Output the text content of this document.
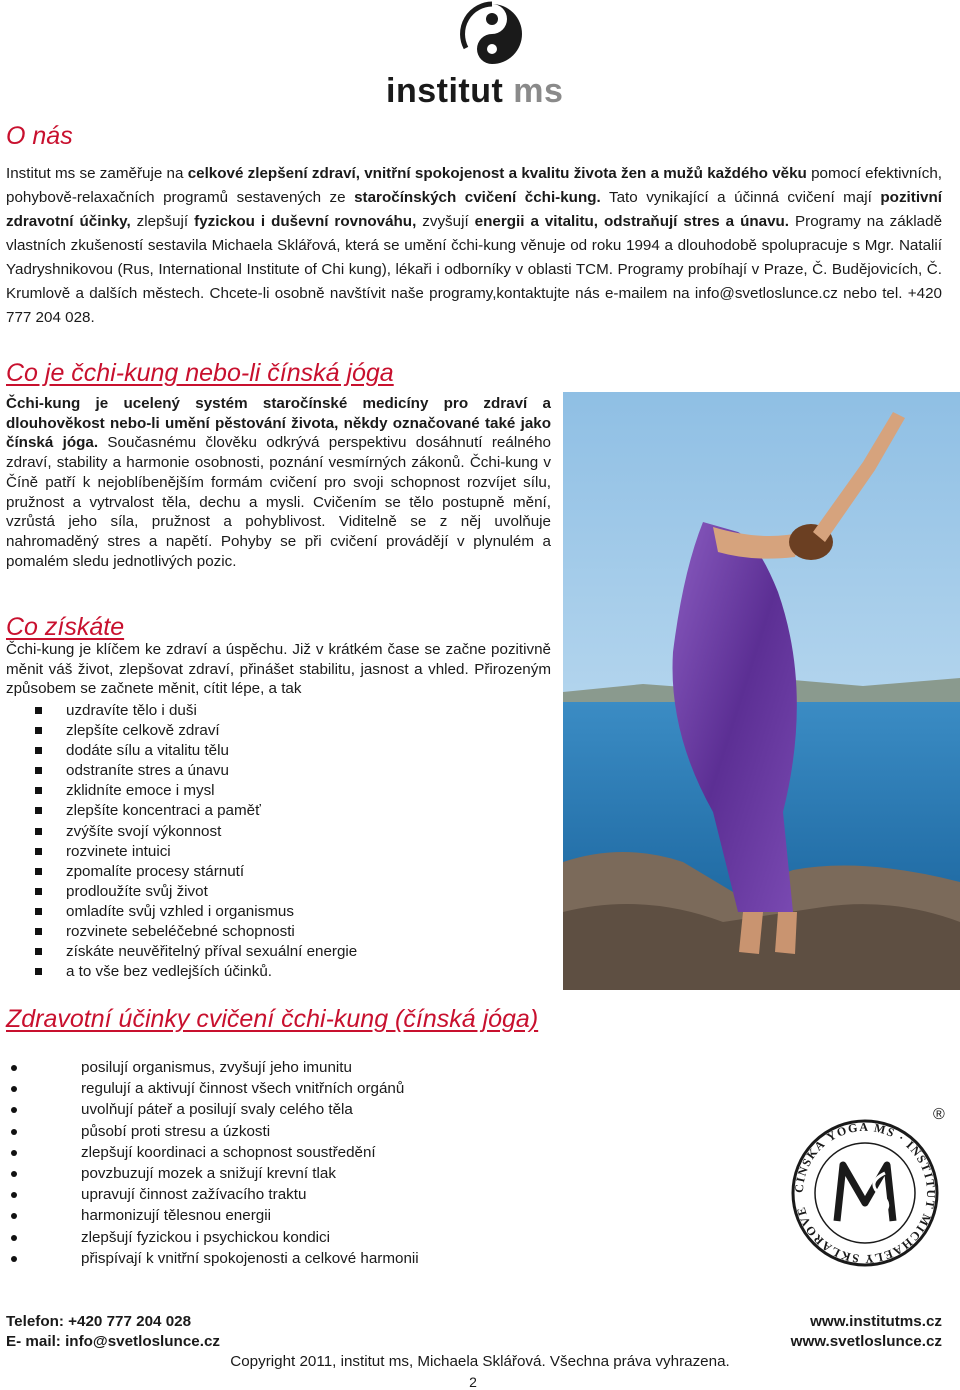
institut ms
O nás
Institut ms se zaměřuje na celkové zlepšení zdraví, vnitřní spokojenost a kvalitu života žen a mužů každého věku pomocí efektivních, pohybově-relaxačních programů sestavených ze staročínských cvičení čchi-kung. Tato vynikající a účinná cvičení mají pozitivní zdravotní účinky, zlepšují fyzickou i duševní rovnováhu, zvyšují energii a vitalitu, odstraňují stres a únavu. Programy na základě vlastních zkušeností sestavila Michaela Sklářová, která se umění čchi-kung věnuje od roku 1994 a dlouhodobě spolupracuje s Mgr. Natalií Yadryshnikovou (Rus, International Institute of Chi kung), lékaři i odborníky v oblasti TCM. Programy probíhají v Praze, Č. Budějovicích, Č. Krumlově a dalších městech. Chcete-li osobně navštívit naše programy,kontaktujte nás e-mailem na info@svetloslunce.cz nebo tel. +420 777 204 028.
Co je čchi-kung nebo-li čínská jóga
Čchi-kung je ucelený systém staročínské medicíny pro zdraví a dlouhověkost nebo-li umění pěstování života, někdy označované také jako čínská jóga. Současnému člověku odkrývá perspektivu dosáhnutí reálného zdraví, stability a harmonie osobnosti, poznání vesmírných zákonů. Čchi-kung v Číně patří k nejoblíbenějším formám cvičení pro svoji schopnost rozvíjet sílu, pružnost a vytrvalost těla, dechu a mysli. Cvičením se tělo postupně mění, vzrůstá jeho síla, pružnost a pohyblivost. Viditelně se z něj uvolňuje nahromaděný stres a napětí. Pohyby se při cvičení provádějí v plynulém a pomalém sledu jednotlivých pozic.
Co získáte
Čchi-kung je klíčem ke zdraví a úspěchu. Již v krátkém čase se začne pozitivně měnit váš život, zlepšovat zdraví, přinášet stabilitu, jasnost a vhled. Přirozeným způsobem se začnete měnit, cítit lépe, a tak
uzdravíte tělo i duši
zlepšíte celkově zdraví
dodáte sílu a vitalitu tělu
odstraníte stres a únavu
zklidníte emoce i mysl
zlepšíte koncentraci a paměť
zvýšíte svojí výkonnost
rozvinete intuici
zpomalíte procesy stárnutí
prodloužíte svůj život
omladíte svůj vzhled i organismus
rozvinete sebeléčebné schopnosti
získáte neuvěřitelný příval sexuální energie
a to vše bez vedlejších účinků.
Zdravotní účinky cvičení čchi-kung (čínská jóga)
posilují organismus, zvyšují jeho imunitu
regulují a aktivují činnost všech vnitřních orgánů
uvolňují páteř a posilují svaly celého těla
působí proti stresu a úzkosti
zlepšují koordinaci a schopnost soustředění
povzbuzují mozek a snižují krevní tlak
upravují činnost zažívacího traktu
harmonizují tělesnou energii
zlepšují fyzickou i psychickou kondici
přispívají k vnitřní spokojenosti a celkové harmonii
ČÍNSKÁ YOGA MS · INSTITUT MICHAELY SKLÁŘOVÉ
®
Telefon: +420 777 204 028
E- mail: info@svetloslunce.cz
www.institutms.cz
www.svetloslunce.cz
Copyright 2011, institut ms, Michaela Sklářová. Všechna práva vyhrazena.
2
